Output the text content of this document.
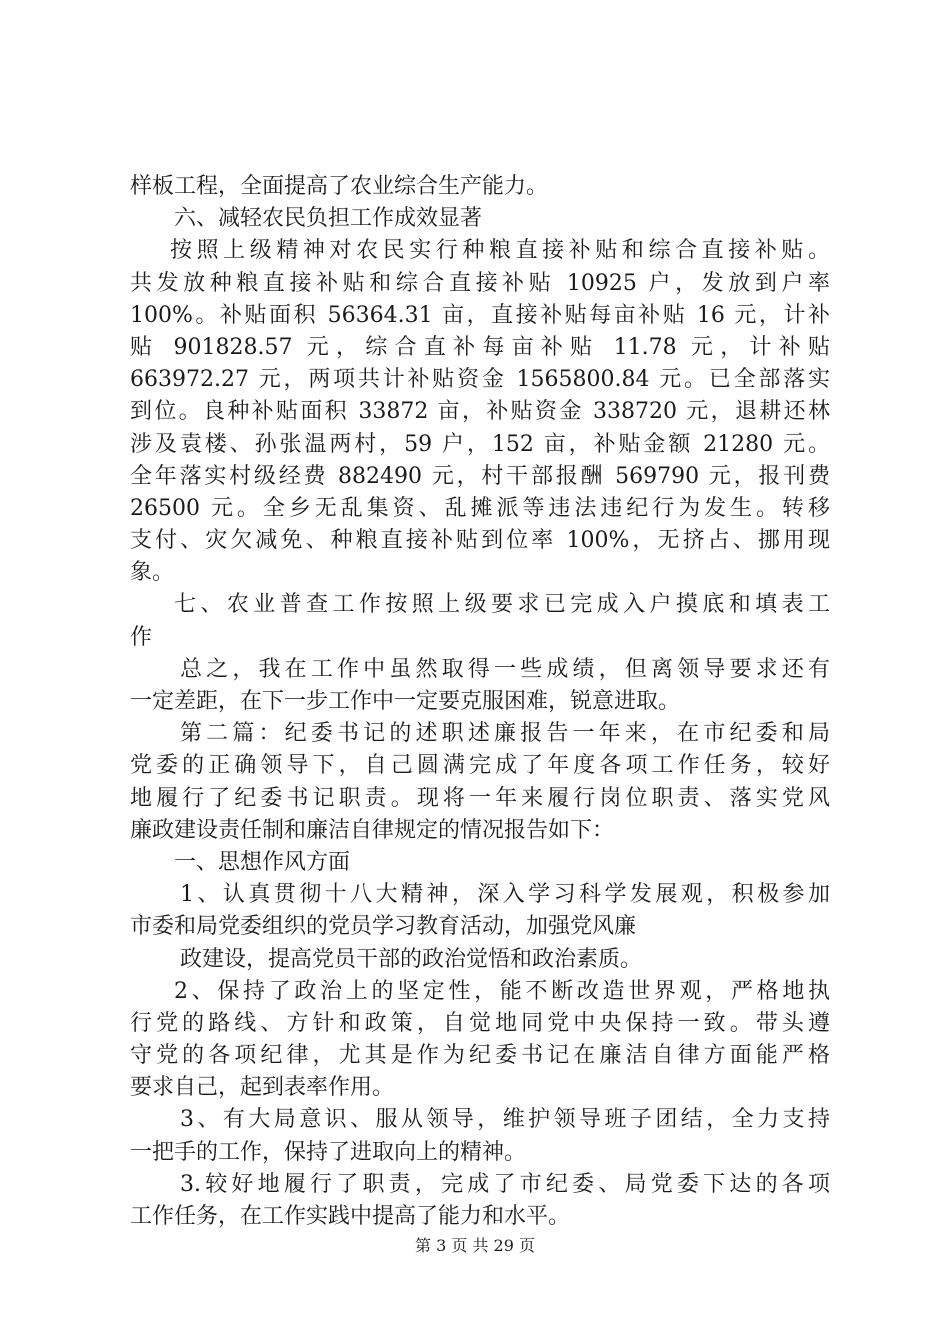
样板工程，全面提高了农业综合生产能力。
六、减轻农民负担工作成效显著
按照上级精神对农民实行种粮直接补贴和综合直接补贴。
共发放种粮直接补贴和综合直接补贴 10925 户，发放到户率
100%。补贴面积 56364.31 亩，直接补贴每亩补贴 16 元，计补
贴 901828.57 元，综合直补每亩补贴 11.78 元，计补贴
663972.27 元，两项共计补贴资金 1565800.84 元。已全部落实
到位。良种补贴面积 33872 亩，补贴资金 338720 元，退耕还林
涉及袁楼、孙张温两村，59 户，152 亩，补贴金额 21280 元。
全年落实村级经费 882490 元，村干部报酬 569790 元，报刊费
26500 元。全乡无乱集资、乱摊派等违法违纪行为发生。转移
支付、灾欠减免、种粮直接补贴到位率 100%，无挤占、挪用现
象。
七、农业普查工作按照上级要求已完成入户摸底和填表工
作
总之，我在工作中虽然取得一些成绩，但离领导要求还有
一定差距，在下一步工作中一定要克服困难，锐意进取。
第二篇：纪委书记的述职述廉报告一年来，在市纪委和局
党委的正确领导下，自己圆满完成了年度各项工作任务，较好
地履行了纪委书记职责。现将一年来履行岗位职责、落实党风
廉政建设责任制和廉洁自律规定的情况报告如下：
一、思想作风方面
1、认真贯彻十八大精神，深入学习科学发展观，积极参加
市委和局党委组织的党员学习教育活动，加强党风廉
政建设，提高党员干部的政治觉悟和政治素质。
2、保持了政治上的坚定性，能不断改造世界观，严格地执
行党的路线、方针和政策，自觉地同党中央保持一致。带头遵
守党的各项纪律，尤其是作为纪委书记在廉洁自律方面能严格
要求自己，起到表率作用。
3、有大局意识、服从领导，维护领导班子团结，全力支持
一把手的工作，保持了进取向上的精神。
3.较好地履行了职责，完成了市纪委、局党委下达的各项
工作任务，在工作实践中提高了能力和水平。
第 3 页 共 29 页
